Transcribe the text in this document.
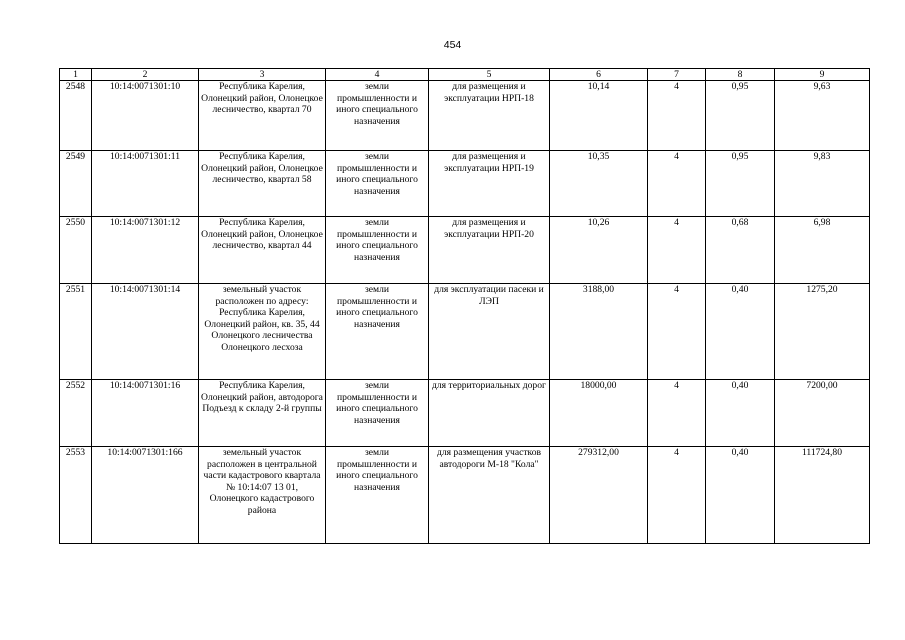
454
1	2	3	4	5	6	7	8	9
2548	10:14:0071301:10	Республика Карелия, Олонецкий район, Олонецкое лесничество, квартал 70	земли промышленности и иного специального назначения	для размещения и эксплуатации НРП-18	10,14	4	0,95	9,63
2549	10:14:0071301:11	Республика Карелия, Олонецкий район, Олонецкое лесничество, квартал 58	земли промышленности и иного специального назначения	для размещения и эксплуатации НРП-19	10,35	4	0,95	9,83
2550	10:14:0071301:12	Республика Карелия, Олонецкий район, Олонецкое лесничество, квартал 44	земли промышленности и иного специального назначения	для размещения и эксплуатации НРП-20	10,26	4	0,68	6,98
2551	10:14:0071301:14	земельный участок расположен по адресу: Республика Карелия, Олонецкий район, кв. 35, 44 Олонецкого лесничества Олонецкого лесхоза	земли промышленности и иного специального назначения	для эксплуатации пасеки и ЛЭП	3188,00	4	0,40	1275,20
2552	10:14:0071301:16	Республика Карелия, Олонецкий район, автодорога Подъезд к складу 2-й группы	земли промышленности и иного специального назначения	для территориальных дорог	18000,00	4	0,40	7200,00
2553	10:14:0071301:166	земельный участок расположен в центральной части кадастрового квартала № 10:14:07 13 01, Олонецкого кадастрового района	земли промышленности и иного специального назначения	для размещения участков автодороги М-18 "Кола"	279312,00	4	0,40	111724,80
